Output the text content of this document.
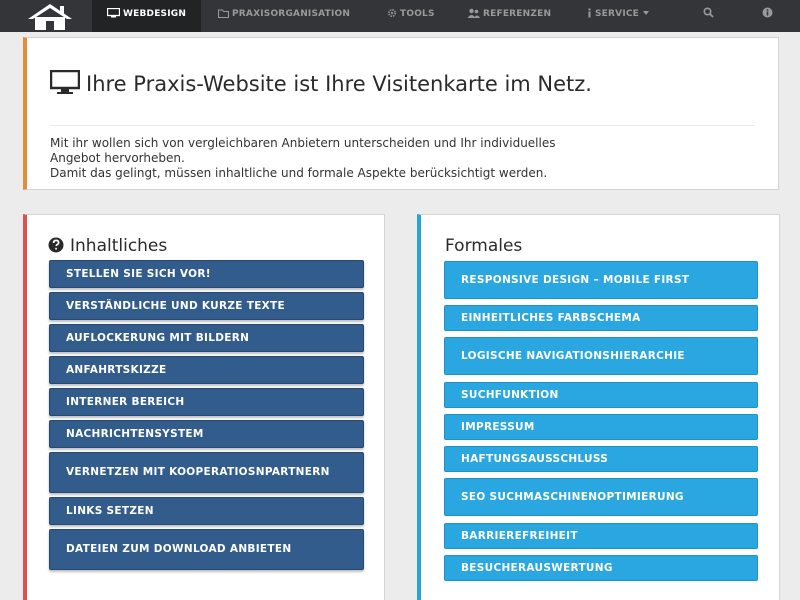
WEBDESIGN	PRAXISORGANISATION	TOOLS	REFERENZEN	SERVICE
Ihre Praxis-Website ist Ihre Visitenkarte im Netz.
Mit ihr wollen sich von vergleichbaren Anbietern unterscheiden und Ihr individuelles
Angebot hervorheben.
Damit das gelingt, müssen inhaltliche und formale Aspekte berücksichtigt werden.
Inhaltliches
STELLEN SIE SICH VOR!
VERSTÄNDLICHE UND KURZE TEXTE
AUFLOCKERUNG MIT BILDERN
ANFAHRTSKIZZE
INTERNER BEREICH
NACHRICHTENSYSTEM
VERNETZEN MIT KOOPERATIOSNPARTNERN
LINKS SETZEN
DATEIEN ZUM DOWNLOAD ANBIETEN
Formales
RESPONSIVE DESIGN – MOBILE FIRST
EINHEITLICHES FARBSCHEMA
LOGISCHE NAVIGATIONSHIERARCHIE
SUCHFUNKTION
IMPRESSUM
HAFTUNGSAUSSCHLUSS
SEO SUCHMASCHINENOPTIMIERUNG
BARRIEREFREIHEIT
BESUCHERAUSWERTUNG
